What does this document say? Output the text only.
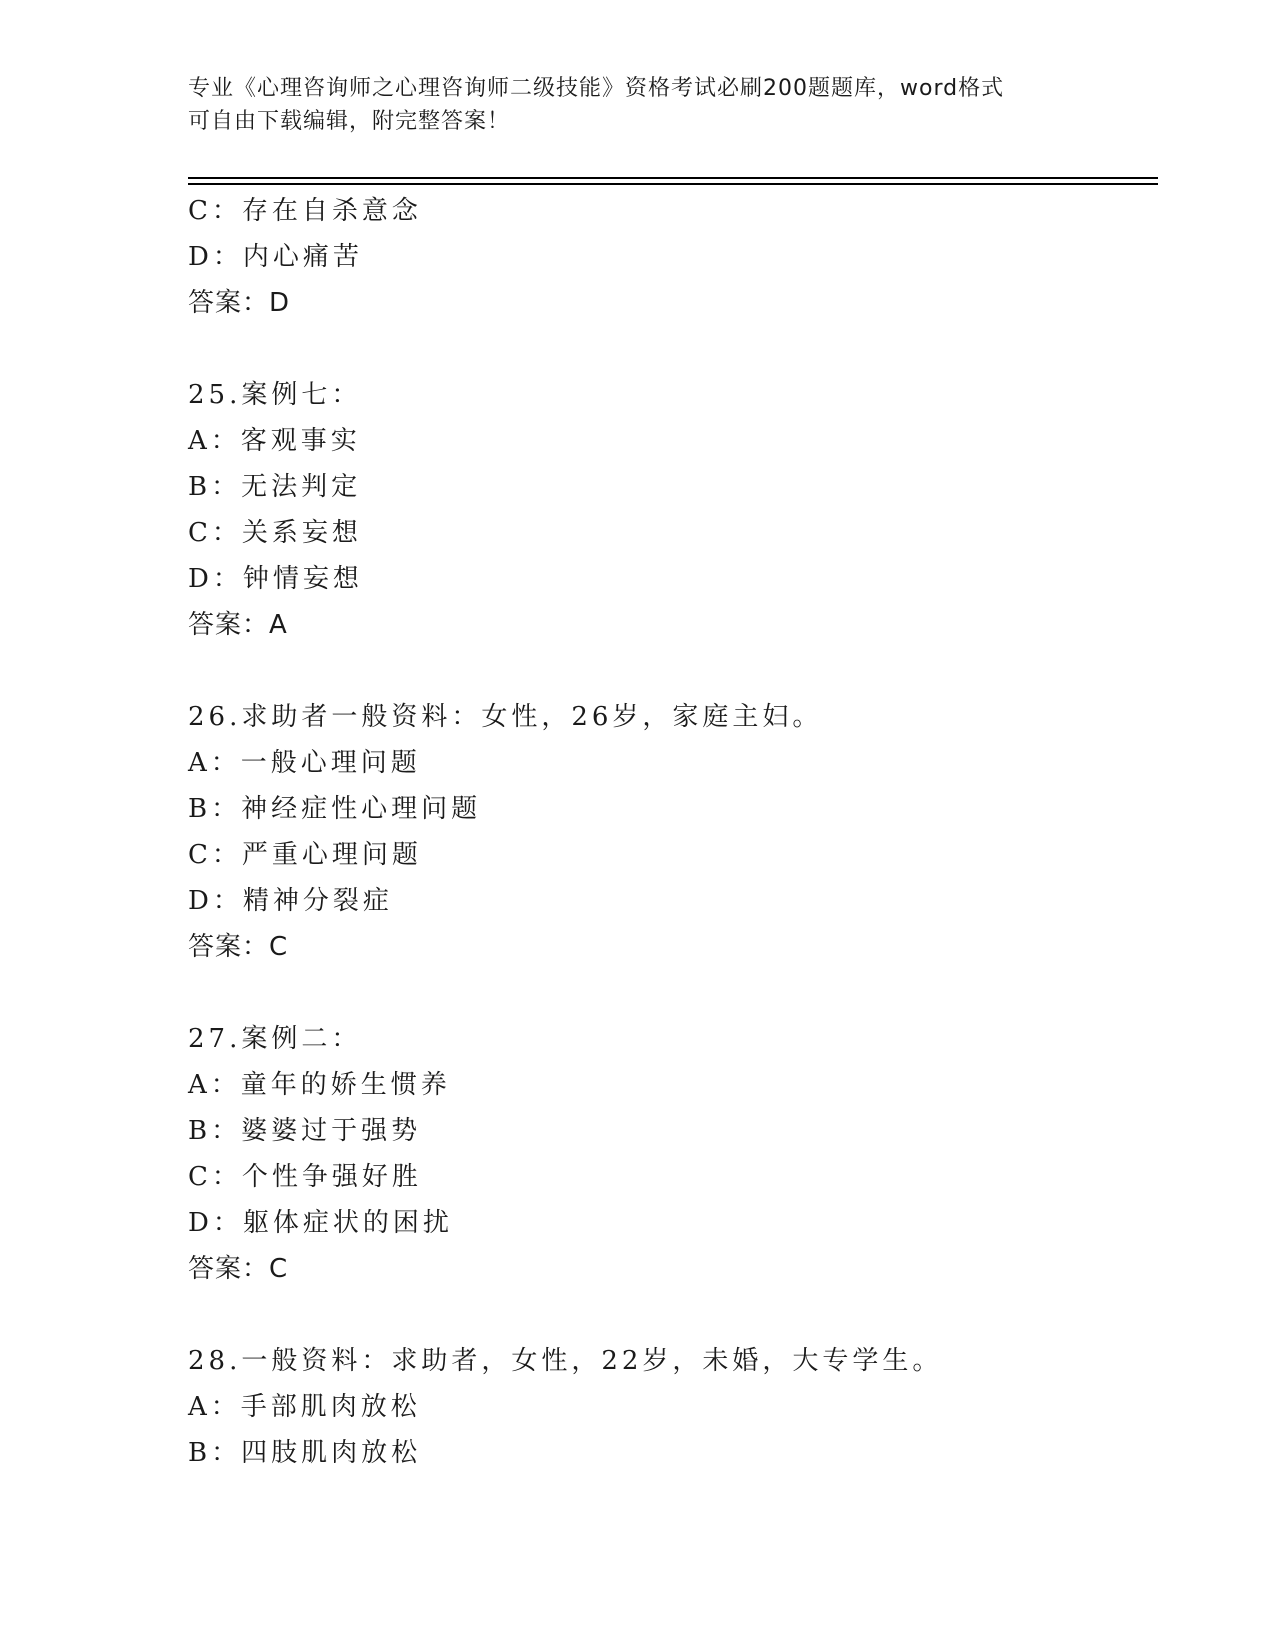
专业《心理咨询师之心理咨询师二级技能》资格考试必刷200题题库，word格式
可自由下载编辑，附完整答案！
C：存在自杀意念
D：内心痛苦
答案：D
25.案例七：
A：客观事实
B：无法判定
C：关系妄想
D：钟情妄想
答案：A
26.求助者一般资料：女性，26岁，家庭主妇。
A：一般心理问题
B：神经症性心理问题
C：严重心理问题
D：精神分裂症
答案：C
27.案例二：
A：童年的娇生惯养
B：婆婆过于强势
C：个性争强好胜
D：躯体症状的困扰
答案：C
28.一般资料：求助者，女性，22岁，未婚，大专学生。
A：手部肌肉放松
B：四肢肌肉放松
